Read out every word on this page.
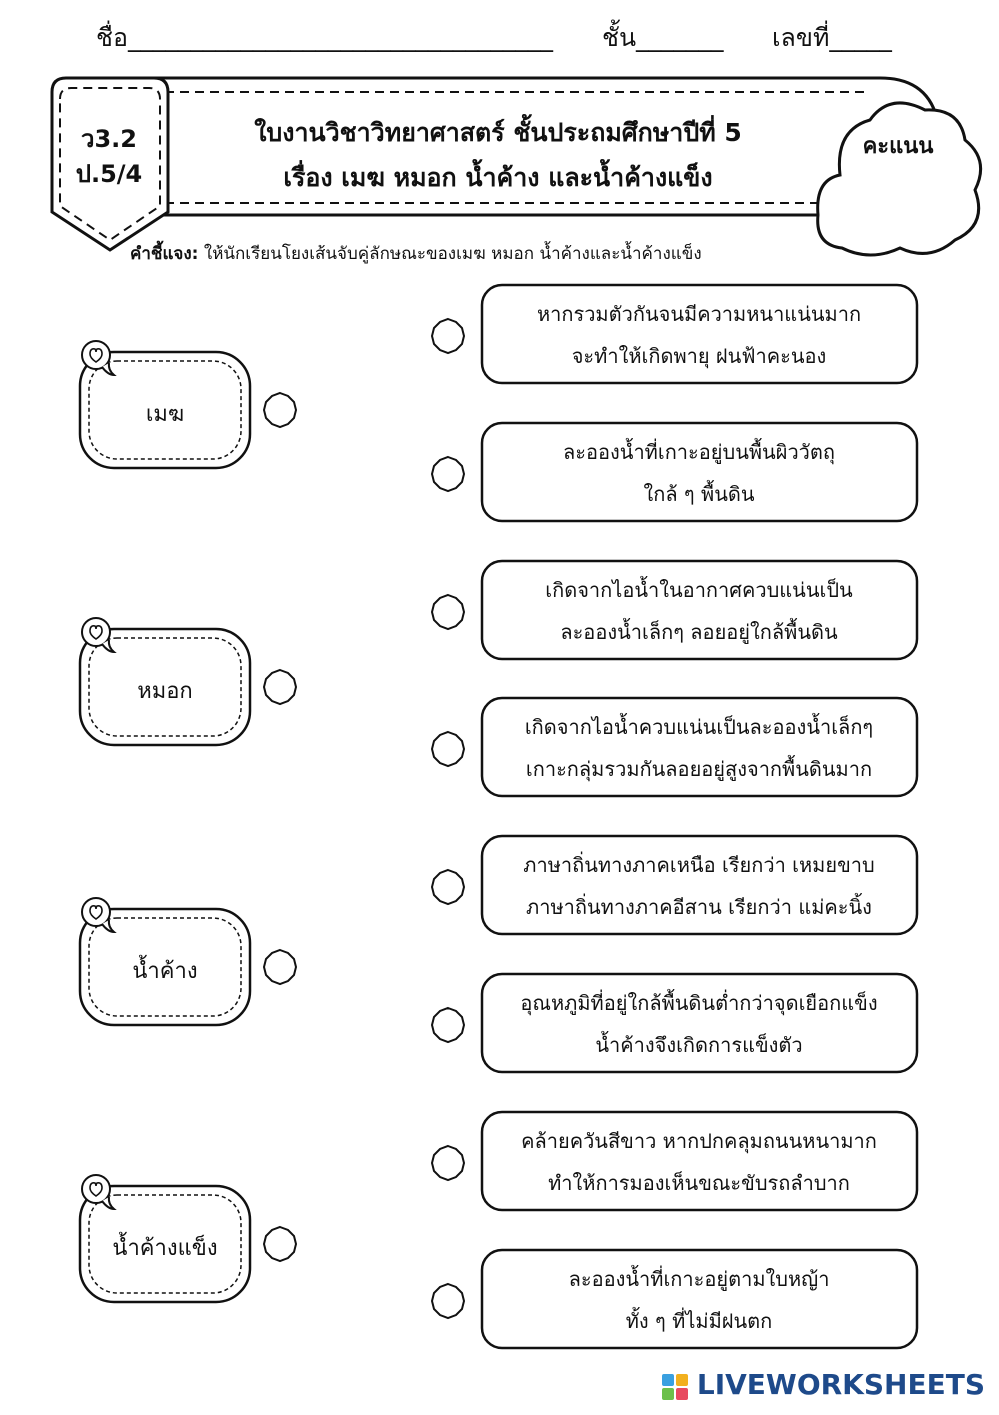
ชื่อ__________________________________ ชั้น_______ เลขที่_____
ว3.2
ป.5/4
ใบงานวิชาวิทยาศาสตร์ ชั้นประถมศึกษาปีที่ 5
เรื่อง เมฆ หมอก น้ำค้าง และน้ำค้างแข็ง
คะแนน
คำชี้แจง: ให้นักเรียนโยงเส้นจับคู่ลักษณะของเมฆ หมอก น้ำค้างและน้ำค้างแข็ง
เมฆ
หมอก
น้ำค้าง
น้ำค้างแข็ง
หากรวมตัวกันจนมีความหนาแน่นมาก
จะทำให้เกิดพายุ ฝนฟ้าคะนอง
ละอองน้ำที่เกาะอยู่บนพื้นผิววัตถุ
ใกล้ ๆ พื้นดิน
เกิดจากไอน้ำในอากาศควบแน่นเป็น
ละอองน้ำเล็กๆ ลอยอยู่ใกล้พื้นดิน
เกิดจากไอน้ำควบแน่นเป็นละอองน้ำเล็กๆ
เกาะกลุ่มรวมกันลอยอยู่สูงจากพื้นดินมาก
ภาษาถิ่นทางภาคเหนือ เรียกว่า เหมยขาบ
ภาษาถิ่นทางภาคอีสาน เรียกว่า แม่คะนิ้ง
อุณหภูมิที่อยู่ใกล้พื้นดินต่ำกว่าจุดเยือกแข็ง
น้ำค้างจึงเกิดการแข็งตัว
คล้ายควันสีขาว หากปกคลุมถนนหนามาก
ทำให้การมองเห็นขณะขับรถลำบาก
ละอองน้ำที่เกาะอยู่ตามใบหญ้า
ทั้ง ๆ ที่ไม่มีฝนตก
LIVEWORKSHEETS
